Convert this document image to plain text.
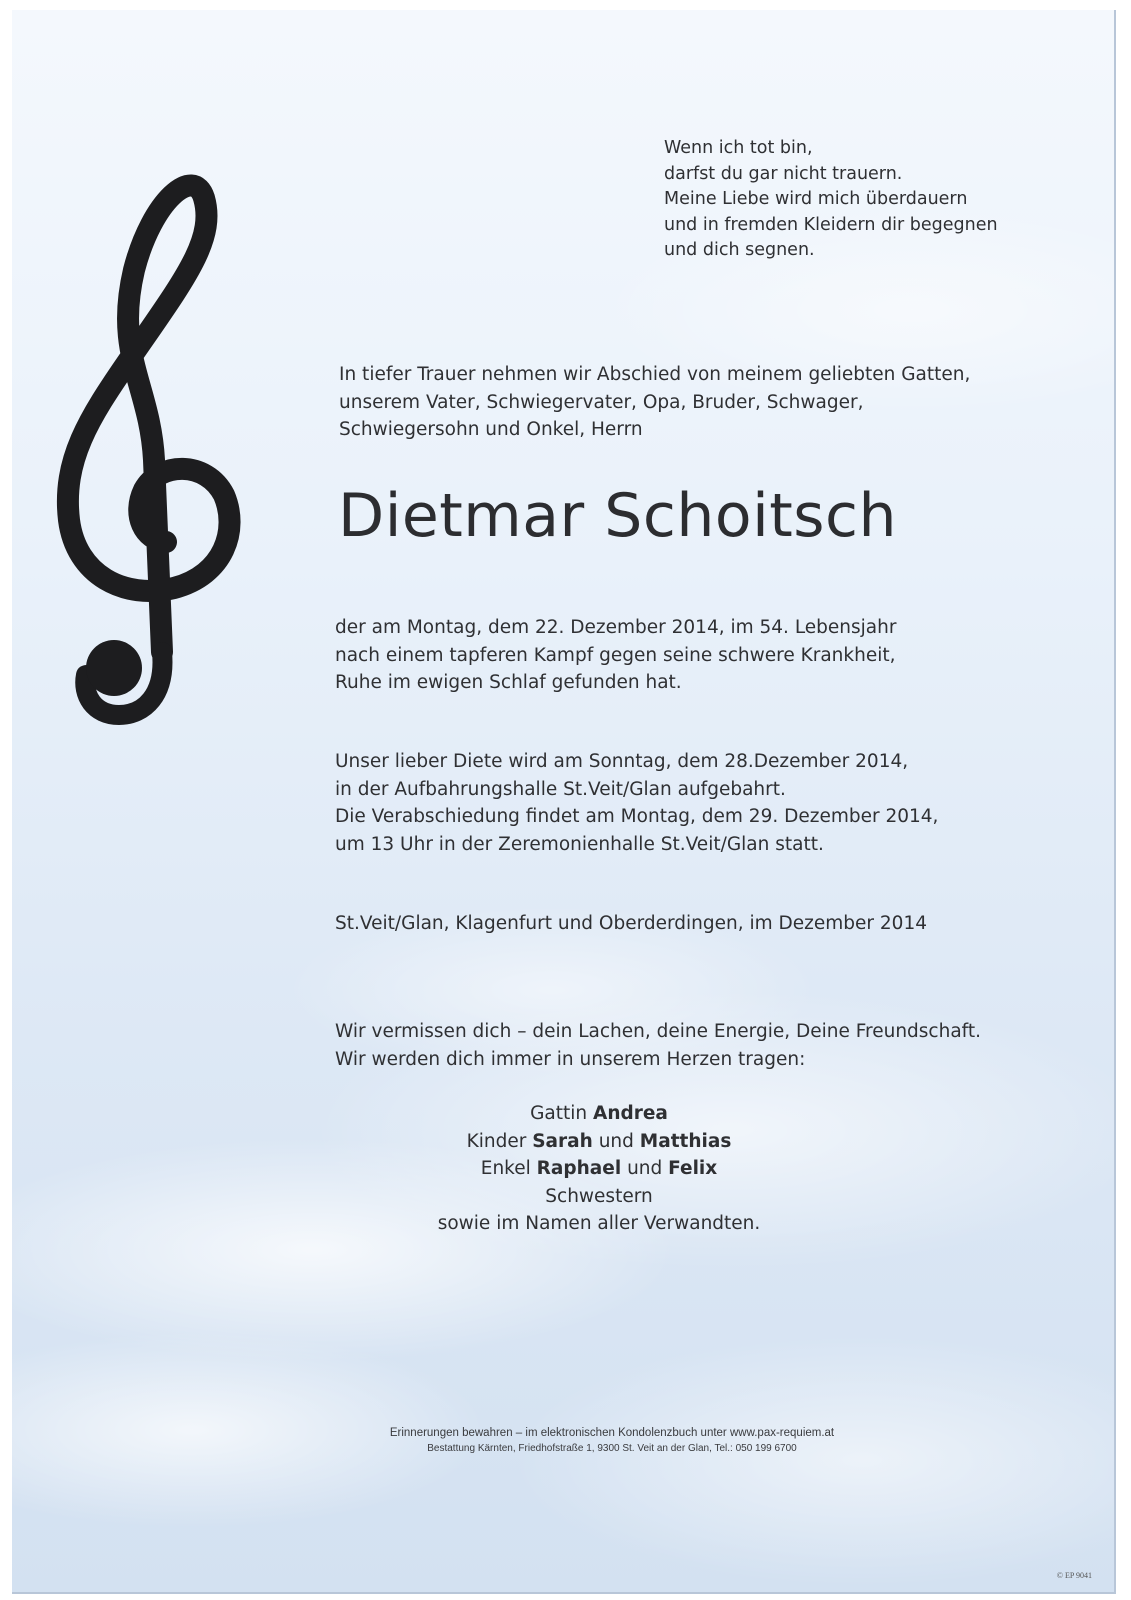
Wenn ich tot bin,
darfst du gar nicht trauern.
Meine Liebe wird mich überdauern
und in fremden Kleidern dir begegnen
und dich segnen.
In tiefer Trauer nehmen wir Abschied von meinem geliebten Gatten,
unserem Vater, Schwiegervater, Opa, Bruder, Schwager,
Schwiegersohn und Onkel, Herrn
Dietmar Schoitsch
der am Montag, dem 22. Dezember 2014, im 54. Lebensjahr
nach einem tapferen Kampf gegen seine schwere Krankheit,
Ruhe im ewigen Schlaf gefunden hat.
Unser lieber Diete wird am Sonntag, dem 28.Dezember 2014,
in der Aufbahrungshalle St.Veit/Glan aufgebahrt.
Die Verabschiedung findet am Montag, dem 29. Dezember 2014,
um 13 Uhr in der Zeremonienhalle St.Veit/Glan statt.
St.Veit/Glan, Klagenfurt und Oberderdingen, im Dezember 2014
Wir vermissen dich – dein Lachen, deine Energie, Deine Freundschaft.
Wir werden dich immer in unserem Herzen tragen:
Gattin Andrea
Kinder Sarah und Matthias
Enkel Raphael und Felix
Schwestern
sowie im Namen aller Verwandten.
Erinnerungen bewahren – im elektronischen Kondolenzbuch unter www.pax-requiem.at
Bestattung Kärnten, Friedhofstraße 1, 9300 St. Veit an der Glan, Tel.: 050 199 6700
© EP 9041
